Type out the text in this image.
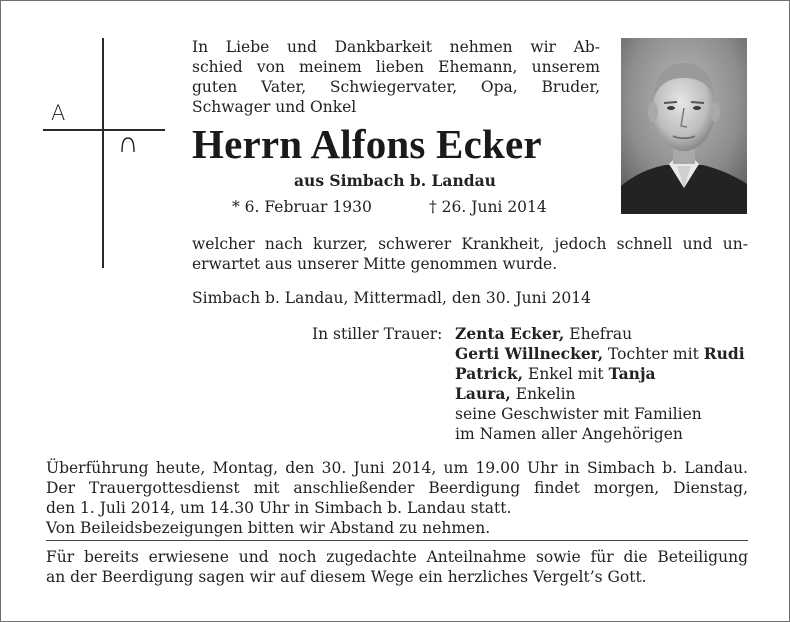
A
In Liebe und Dankbarkeit nehmen wir Ab-
schied von meinem lieben Ehemann, unserem
guten Vater, Schwiegervater, Opa, Bruder,
Schwager und Onkel
Herrn Alfons Ecker
aus Simbach b. Landau
* 6. Februar 1930	† 26. Juni 2014
welcher nach kurzer, schwerer Krankheit, jedoch schnell und un-
erwartet aus unserer Mitte genommen wurde.
Simbach b. Landau, Mittermadl, den 30. Juni 2014
In stiller Trauer: Zenta Ecker, Ehefrau
Gerti Willnecker, Tochter mit Rudi
Patrick, Enkel mit Tanja
Laura, Enkelin
seine Geschwister mit Familien
im Namen aller Angehörigen
Überführung heute, Montag, den 30. Juni 2014, um 19.00 Uhr in Simbach b. Landau.
Der Trauergottesdienst mit anschließender Beerdigung findet morgen, Dienstag,
den 1. Juli 2014, um 14.30 Uhr in Simbach b. Landau statt.
Von Beileidsbezeigungen bitten wir Abstand zu nehmen.
Für bereits erwiesene und noch zugedachte Anteilnahme sowie für die Beteiligung
an der Beerdigung sagen wir auf diesem Wege ein herzliches Vergelt’s Gott.
